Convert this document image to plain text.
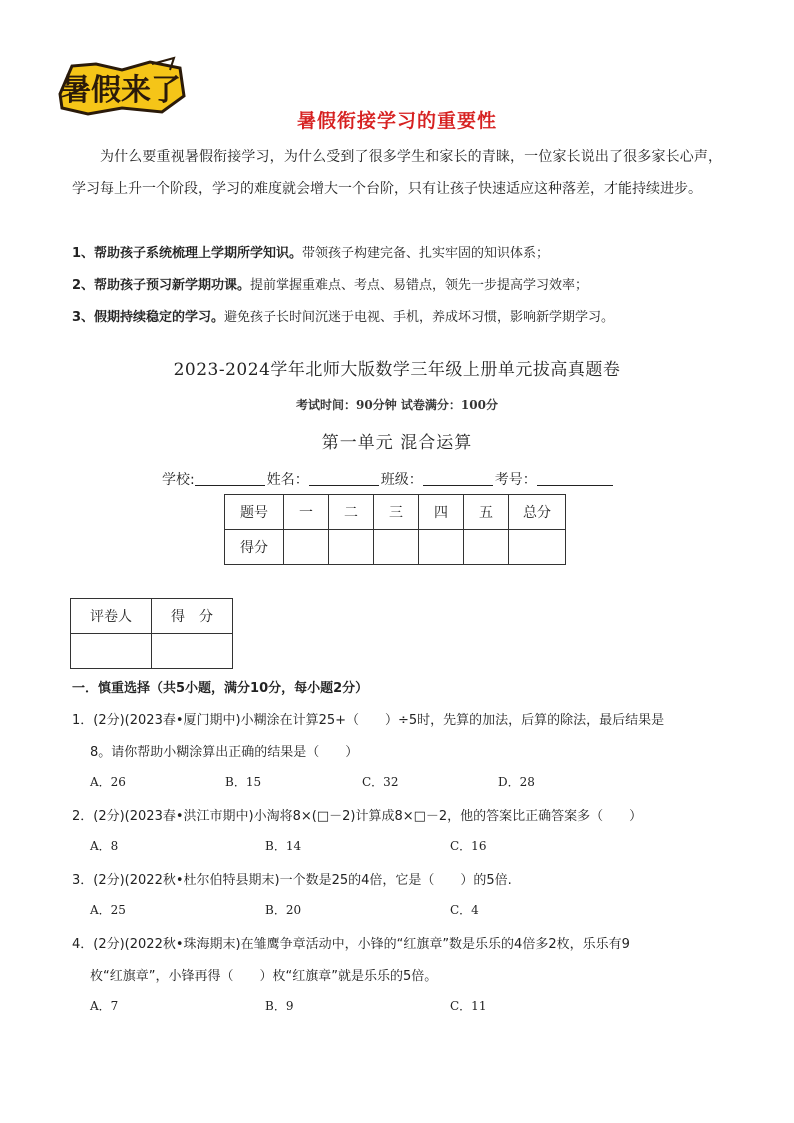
暑假来了
暑假衔接学习的重要性
为什么要重视暑假衔接学习，为什么受到了很多学生和家长的青睐，一位家长说出了很多家长心声，学习每上升一个阶段，学习的难度就会增大一个台阶，只有让孩子快速适应这种落差，才能持续进步。
1、帮助孩子系统梳理上学期所学知识。带领孩子构建完备、扎实牢固的知识体系；
2、帮助孩子预习新学期功课。提前掌握重难点、考点、易错点，领先一步提高学习效率；
3、假期持续稳定的学习。避免孩子长时间沉迷于电视、手机，养成坏习惯，影响新学期学习。
2023-2024学年北师大版数学三年级上册单元拔高真题卷
考试时间：90分钟 试卷满分：100分
第一单元 混合运算
学校:	姓名：	班级：	考号：
题号	一	二	三	四	五	总分
得分						
评卷人	得　分

一．慎重选择（共5小题，满分10分，每小题2分）
1．(2分)(2023春•厦门期中)小糊涂在计算25+（　　）÷5时，先算的加法，后算的除法，最后结果是
8。请你帮助小糊涂算出正确的结果是（　　）
A．26	B．15	C．32	D．28
2．(2分)(2023春•洪江市期中)小淘将8×(□－2)计算成8×□－2，他的答案比正确答案多（　　）
A．8	B．14	C．16
3．(2分)(2022秋•杜尔伯特县期末)一个数是25的4倍，它是（　　）的5倍.
A．25	B．20	C．4
4．(2分)(2022秋•珠海期末)在雏鹰争章活动中，小锋的“红旗章”数是乐乐的4倍多2枚，乐乐有9
枚“红旗章”，小锋再得（　　）枚“红旗章”就是乐乐的5倍。
A．7	B．9	C．11
